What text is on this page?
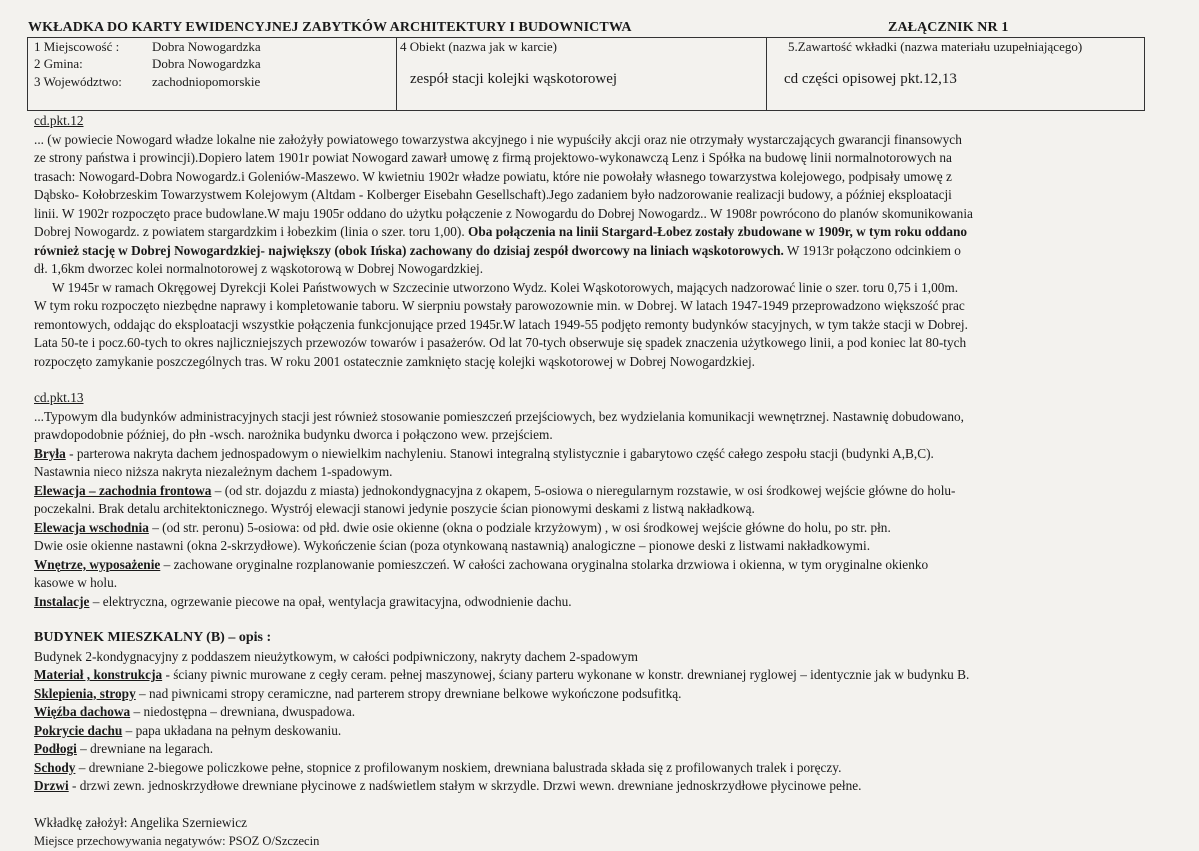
WKŁADKA DO KARTY EWIDENCYJNEJ ZABYTKÓW ARCHITEKTURY I BUDOWNICTWA	ZAŁĄCZNIK NR 1
1 Miejscowość :	Dobra Nowogardzka
2 Gmina:	Dobra Nowogardzka
3 Województwo: zachodniopomorskie
4 Obiekt (nazwa jak w karcie)
zespół stacji kolejki wąskotorowej
5.Zawartość wkładki (nazwa materiału uzupełniającego)
cd części opisowej pkt.12,13

cd.pkt.12

... (w powiecie Nowogard władze lokalne nie założyły powiatowego towarzystwa akcyjnego i nie wypuściły akcji oraz nie otrzymały wystarczających gwarancji finansowych

ze strony państwa i prowincji).Dopiero latem 1901r powiat Nowogard zawarł umowę z firmą projektowo-wykonawczą Lenz i Spółka na budowę linii normalnotorowych na

trasach: Nowogard-Dobra Nowogardz.i Goleniów-Maszewo. W kwietniu 1902r władze powiatu, które nie powołały własnego towarzystwa kolejowego, podpisały umowę z

Dąbsko- Kołobrzeskim Towarzystwem Kolejowym (Altdam - Kolberger Eisebahn Gesellschaft).Jego zadaniem było nadzorowanie realizacji budowy, a później eksploatacji

linii. W 1902r rozpoczęto prace budowlane.W maju 1905r oddano do użytku połączenie z Nowogardu do Dobrej Nowogardz.. W 1908r powrócono do planów skomunikowania

Dobrej Nowogardz. z powiatem stargardzkim i łobezkim (linia o szer. toru 1,00). Oba połączenia na linii Stargard-Łobez zostały zbudowane w 1909r, w tym roku oddano

również stację w Dobrej Nowogardzkiej- największy (obok Ińska) zachowany do dzisiaj zespół dworcowy na liniach wąskotorowych. W 1913r połączono odcinkiem o

dł. 1,6km dworzec kolei normalnotorowej z wąskotorową w Dobrej Nowogardzkiej.

W 1945r w ramach Okręgowej Dyrekcji Kolei Państwowych w Szczecinie utworzono Wydz. Kolei Wąskotorowych, mających nadzorować linie o szer. toru 0,75 i 1,00m.

W tym roku rozpoczęto niezbędne naprawy i kompletowanie taboru. W sierpniu powstały parowozownie min. w Dobrej. W latach 1947-1949 przeprowadzono większość prac

remontowych, oddając do eksploatacji wszystkie połączenia funkcjonujące przed 1945r.W latach 1949-55 podjęto remonty budynków stacyjnych, w tym także stacji w Dobrej.

Lata 50-te i pocz.60-tych to okres najliczniejszych przewozów towarów i pasażerów. Od lat 70-tych obserwuje się spadek znaczenia użytkowego linii, a pod koniec lat 80-tych

rozpoczęto zamykanie poszczególnych tras. W roku 2001 ostatecznie zamknięto stację kolejki wąskotorowej w Dobrej Nowogardzkiej.

cd.pkt.13

...Typowym dla budynków administracyjnych stacji jest również stosowanie pomieszczeń przejściowych, bez wydzielania komunikacji wewnętrznej. Nastawnię dobudowano,

prawdopodobnie później, do płn -wsch. narożnika budynku dworca i połączono wew. przejściem.

Bryła - parterowa nakryta dachem jednospadowym o niewielkim nachyleniu. Stanowi integralną stylistycznie i gabarytowo część całego zespołu stacji (budynki A,B,C).

Nastawnia nieco niższa nakryta niezależnym dachem 1-spadowym.

Elewacja – zachodnia frontowa – (od str. dojazdu z miasta) jednokondygnacyjna z okapem, 5-osiowa o nieregularnym rozstawie, w osi środkowej wejście główne do holu-

poczekalni. Brak detalu architektonicznego. Wystrój elewacji stanowi jedynie poszycie ścian pionowymi deskami z listwą nakładkową.

Elewacja wschodnia – (od str. peronu) 5-osiowa: od płd. dwie osie okienne (okna o podziale krzyżowym) , w osi środkowej wejście główne do holu, po str. płn.

Dwie osie okienne nastawni (okna 2-skrzydłowe). Wykończenie ścian (poza otynkowaną nastawnią) analogiczne – pionowe deski z listwami nakładkowymi.

Wnętrze, wyposażenie – zachowane oryginalne rozplanowanie pomieszczeń. W całości zachowana oryginalna stolarka drzwiowa i okienna, w tym oryginalne okienko

kasowe w holu.

Instalacje – elektryczna, ogrzewanie piecowe na opał, wentylacja grawitacyjna, odwodnienie dachu.

BUDYNEK MIESZKALNY (B) – opis :

Budynek 2-kondygnacyjny z poddaszem nieużytkowym, w całości podpiwniczony, nakryty dachem 2-spadowym

Materiał , konstrukcja - ściany piwnic murowane z cegły ceram. pełnej maszynowej, ściany parteru wykonane w konstr. drewnianej ryglowej – identycznie jak w budynku B.

Sklepienia, stropy – nad piwnicami stropy ceramiczne, nad parterem stropy drewniane belkowe wykończone podsufitką.

Więźba dachowa – niedostępna – drewniana, dwuspadowa.

Pokrycie dachu – papa układana na pełnym deskowaniu.

Podłogi – drewniane na legarach.

Schody – drewniane 2-biegowe policzkowe pełne, stopnice z profilowanym noskiem, drewniana balustrada składa się z profilowanych tralek i poręczy.

Drzwi - drzwi zewn. jednoskrzydłowe drewniane płycinowe z nadświetlem stałym w skrzydle. Drzwi wewn. drewniane jednoskrzydłowe płycinowe pełne.

Wkładkę założył: Angelika Szerniewicz

Miejsce przechowywania negatywów: PSOZ O/Szczecin
